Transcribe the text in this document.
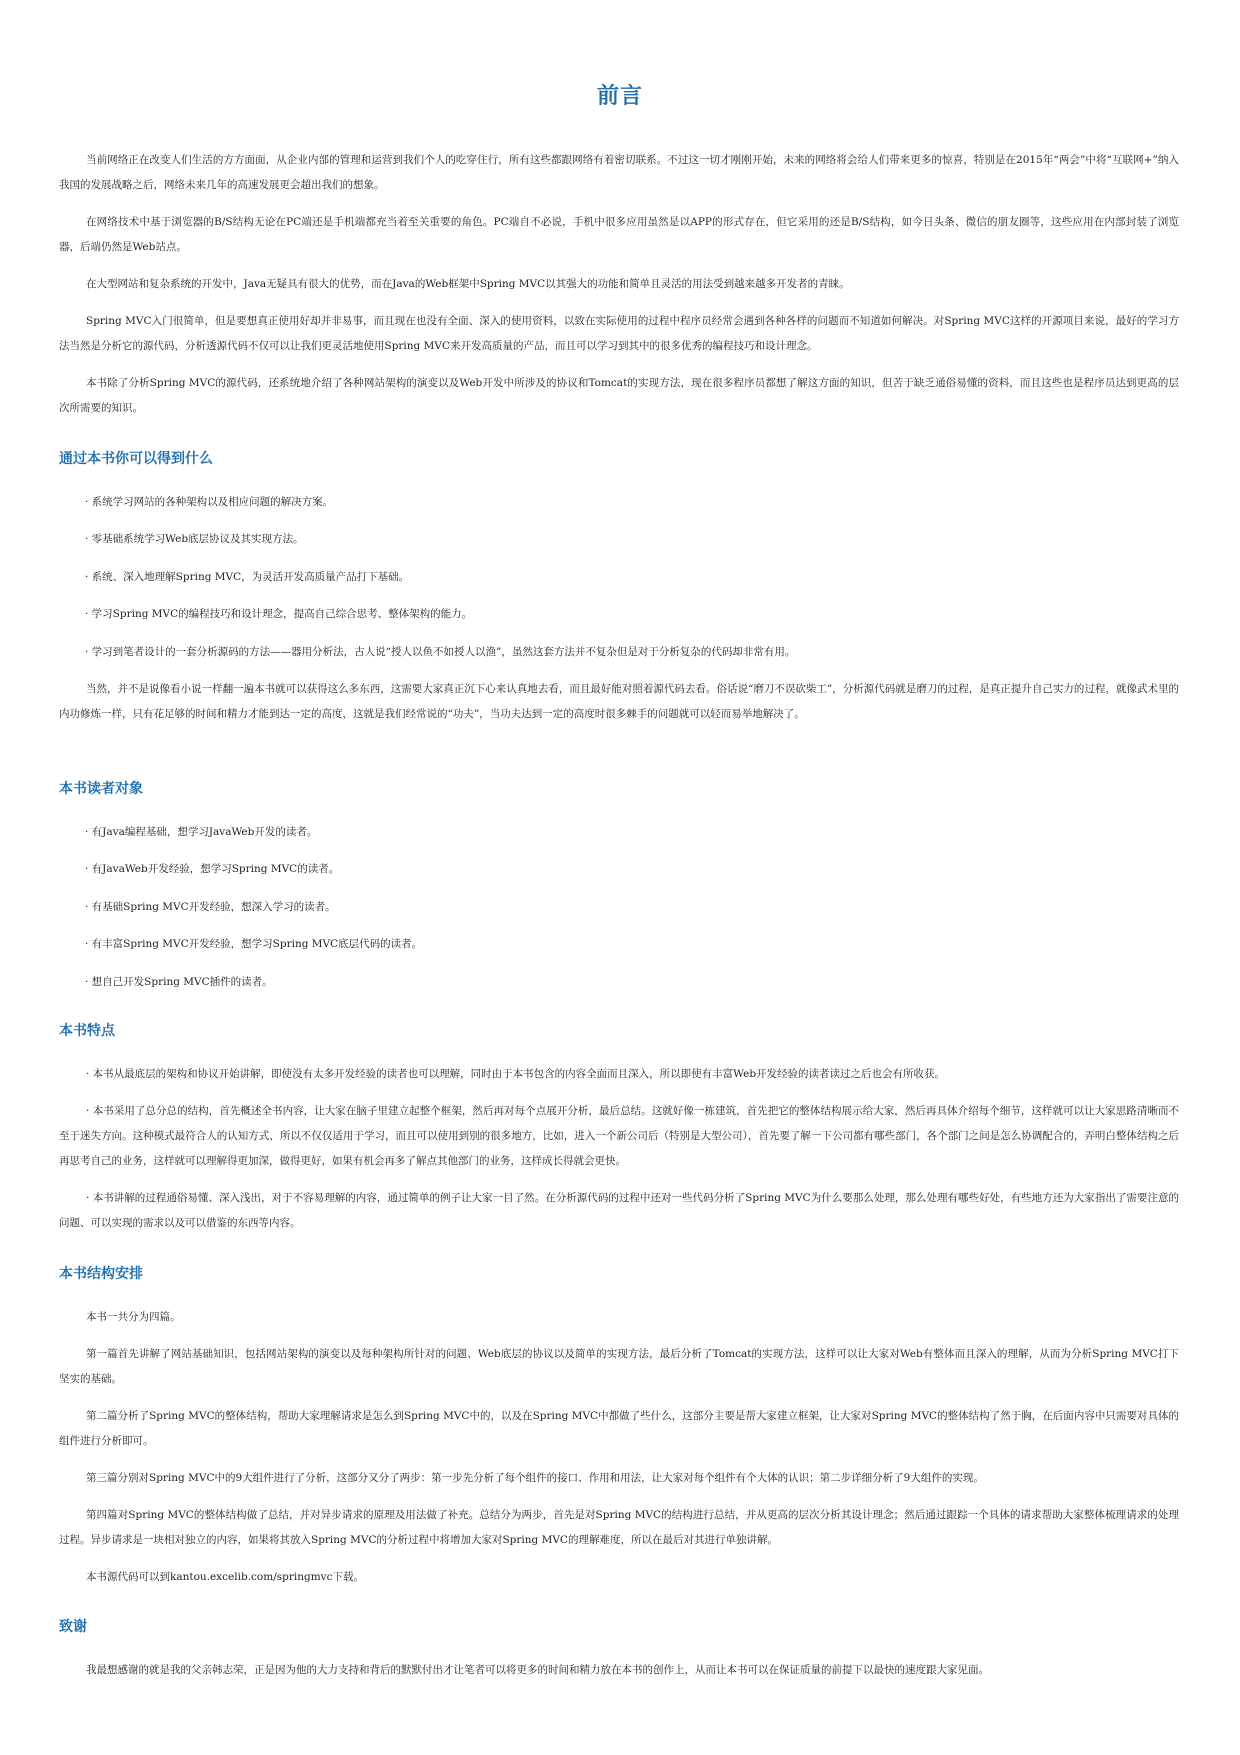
前言

当前网络正在改变人们生活的方方面面，从企业内部的管理和运营到我们个人的吃穿住行，所有这些都跟网络有着密切联系。不过这一切才刚刚开始，未来的网络将会给人们带来更多的惊喜，特别是在2015年“两会”中将“互联网+”纳入我国的发展战略之后，网络未来几年的高速发展更会超出我们的想象。

在网络技术中基于浏览器的B/S结构无论在PC端还是手机端都充当着至关重要的角色。PC端自不必说，手机中很多应用虽然是以APP的形式存在，但它采用的还是B/S结构，如今日头条、微信的朋友圈等，这些应用在内部封装了浏览器，后端仍然是Web站点。

在大型网站和复杂系统的开发中，Java无疑具有很大的优势，而在Java的Web框架中Spring MVC以其强大的功能和简单且灵活的用法受到越来越多开发者的青睐。

Spring MVC入门很简单，但是要想真正使用好却并非易事，而且现在也没有全面、深入的使用资料，以致在实际使用的过程中程序员经常会遇到各种各样的问题而不知道如何解决。对Spring MVC这样的开源项目来说，最好的学习方法当然是分析它的源代码，分析透源代码不仅可以让我们更灵活地使用Spring MVC来开发高质量的产品，而且可以学习到其中的很多优秀的编程技巧和设计理念。

本书除了分析Spring MVC的源代码，还系统地介绍了各种网站架构的演变以及Web开发中所涉及的协议和Tomcat的实现方法，现在很多程序员都想了解这方面的知识，但苦于缺乏通俗易懂的资料，而且这些也是程序员达到更高的层次所需要的知识。

通过本书你可以得到什么

· 系统学习网站的各种架构以及相应问题的解决方案。

· 零基础系统学习Web底层协议及其实现方法。

· 系统、深入地理解Spring MVC，为灵活开发高质量产品打下基础。

· 学习Spring MVC的编程技巧和设计理念，提高自己综合思考、整体架构的能力。

· 学习到笔者设计的一套分析源码的方法——器用分析法，古人说“授人以鱼不如授人以渔”，虽然这套方法并不复杂但是对于分析复杂的代码却非常有用。

当然，并不是说像看小说一样翻一遍本书就可以获得这么多东西，这需要大家真正沉下心来认真地去看，而且最好能对照着源代码去看。俗话说“磨刀不误砍柴工”，分析源代码就是磨刀的过程，是真正提升自己实力的过程，就像武术里的内功修炼一样，只有花足够的时间和精力才能到达一定的高度，这就是我们经常说的“功夫”，当功夫达到一定的高度时很多棘手的问题就可以轻而易举地解决了。

本书读者对象

· 有Java编程基础，想学习JavaWeb开发的读者。

· 有JavaWeb开发经验，想学习Spring MVC的读者。

· 有基础Spring MVC开发经验，想深入学习的读者。

· 有丰富Spring MVC开发经验，想学习Spring MVC底层代码的读者。

· 想自己开发Spring MVC插件的读者。

本书特点

· 本书从最底层的架构和协议开始讲解，即使没有太多开发经验的读者也可以理解，同时由于本书包含的内容全面而且深入，所以即使有丰富Web开发经验的读者读过之后也会有所收获。

· 本书采用了总分总的结构，首先概述全书内容，让大家在脑子里建立起整个框架，然后再对每个点展开分析，最后总结。这就好像一栋建筑，首先把它的整体结构展示给大家，然后再具体介绍每个细节，这样就可以让大家思路清晰而不至于迷失方向。这种模式最符合人的认知方式，所以不仅仅适用于学习，而且可以使用到别的很多地方，比如，进入一个新公司后（特别是大型公司），首先要了解一下公司都有哪些部门，各个部门之间是怎么协调配合的，弄明白整体结构之后再思考自己的业务，这样就可以理解得更加深，做得更好，如果有机会再多了解点其他部门的业务，这样成长得就会更快。

· 本书讲解的过程通俗易懂、深入浅出，对于不容易理解的内容，通过简单的例子让大家一目了然。在分析源代码的过程中还对一些代码分析了Spring MVC为什么要那么处理，那么处理有哪些好处，有些地方还为大家指出了需要注意的问题、可以实现的需求以及可以借鉴的东西等内容。

本书结构安排

本书一共分为四篇。

第一篇首先讲解了网站基础知识，包括网站架构的演变以及每种架构所针对的问题、Web底层的协议以及简单的实现方法，最后分析了Tomcat的实现方法，这样可以让大家对Web有整体而且深入的理解，从而为分析Spring MVC打下坚实的基础。

第二篇分析了Spring MVC的整体结构，帮助大家理解请求是怎么到Spring MVC中的，以及在Spring MVC中都做了些什么，这部分主要是帮大家建立框架，让大家对Spring MVC的整体结构了然于胸，在后面内容中只需要对具体的组件进行分析即可。

第三篇分别对Spring MVC中的9大组件进行了分析，这部分又分了两步：第一步先分析了每个组件的接口、作用和用法，让大家对每个组件有个大体的认识；第二步详细分析了9大组件的实现。

第四篇对Spring MVC的整体结构做了总结，并对异步请求的原理及用法做了补充。总结分为两步，首先是对Spring MVC的结构进行总结，并从更高的层次分析其设计理念；然后通过跟踪一个具体的请求帮助大家整体梳理请求的处理过程。异步请求是一块相对独立的内容，如果将其放入Spring MVC的分析过程中将增加大家对Spring MVC的理解难度，所以在最后对其进行单独讲解。

本书源代码可以到kantou.excelib.com/springmvc下载。

致谢

我最想感谢的就是我的父亲韩志荣，正是因为他的大力支持和背后的默默付出才让笔者可以将更多的时间和精力放在本书的创作上，从而让本书可以在保证质量的前提下以最快的速度跟大家见面。
